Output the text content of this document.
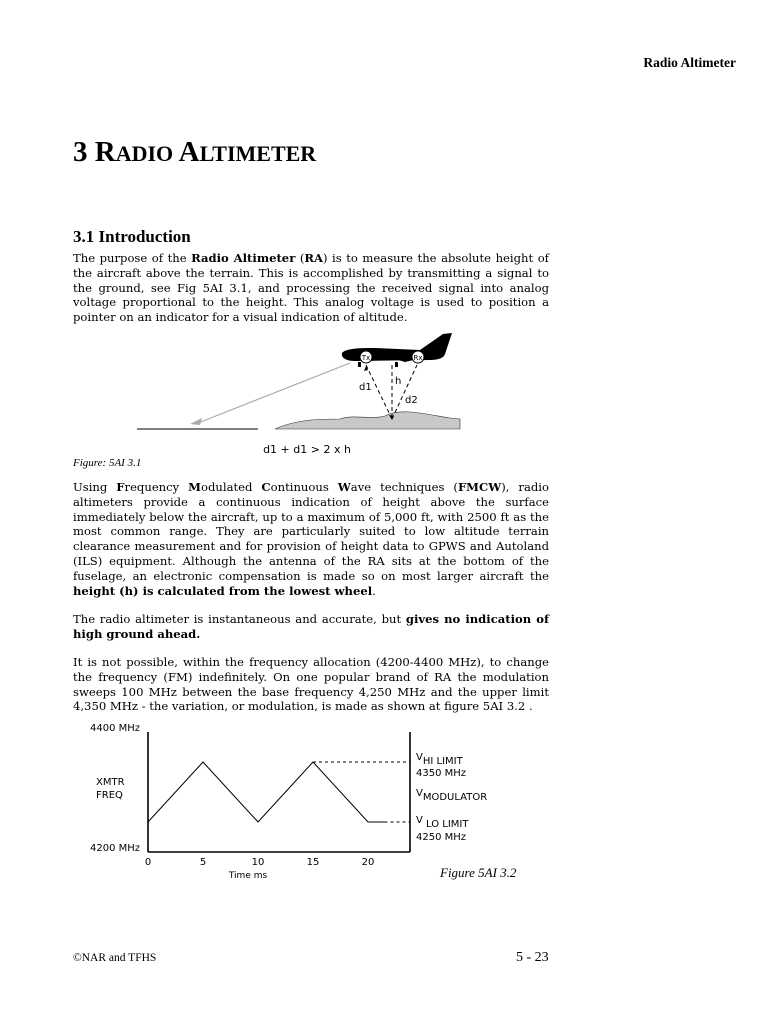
Radio Altimeter
3 RADIO ALTIMETER
3.1 Introduction

The purpose of the Radio Altimeter (RA) is to measure the absolute height of the aircraft above the terrain. This is accomplished by transmitting a signal to the ground, see Fig 5AI 3.1, and processing the received signal into analog voltage proportional to the height. This analog voltage is used to position a pointer on an indicator for a visual indication of altitude.

Tx	Rx
d1
h
d2
d1 + d1 > 2 x h
Figure: 5AI 3.1

Using Frequency Modulated Continuous Wave techniques (FMCW), radio altimeters provide a continuous indication of height above the surface immediately below the aircraft, up to a maximum of 5,000 ft, with 2500 ft as the most common range. They are particularly suited to low altitude terrain clearance measurement and for provision of height data to GPWS and Autoland (ILS) equipment. Although the antenna of the RA sits at the bottom of the fuselage, an electronic compensation is made so on most larger aircraft the height (h) is calculated from the lowest wheel.

The radio altimeter is instantaneous and accurate, but gives no indication of high ground ahead.

It is not possible, within the frequency allocation (4200-4400 MHz), to change the frequency (FM) indefinitely. On one popular brand of RA the modulation sweeps 100 MHz between the base frequency 4,250 MHz and the upper limit 4,350 MHz - the variation, or modulation, is made as shown at figure 5AI 3.2 .

0	5	10	15	20
4400 MHz
4200 MHz
XMTR
FREQ
Time ms
VHI LIMIT
4350 MHz
VMODULATOR
V LO LIMIT
4250 MHz
Figure 5AI 3.2
©NAR and TFHS	5 - 23
